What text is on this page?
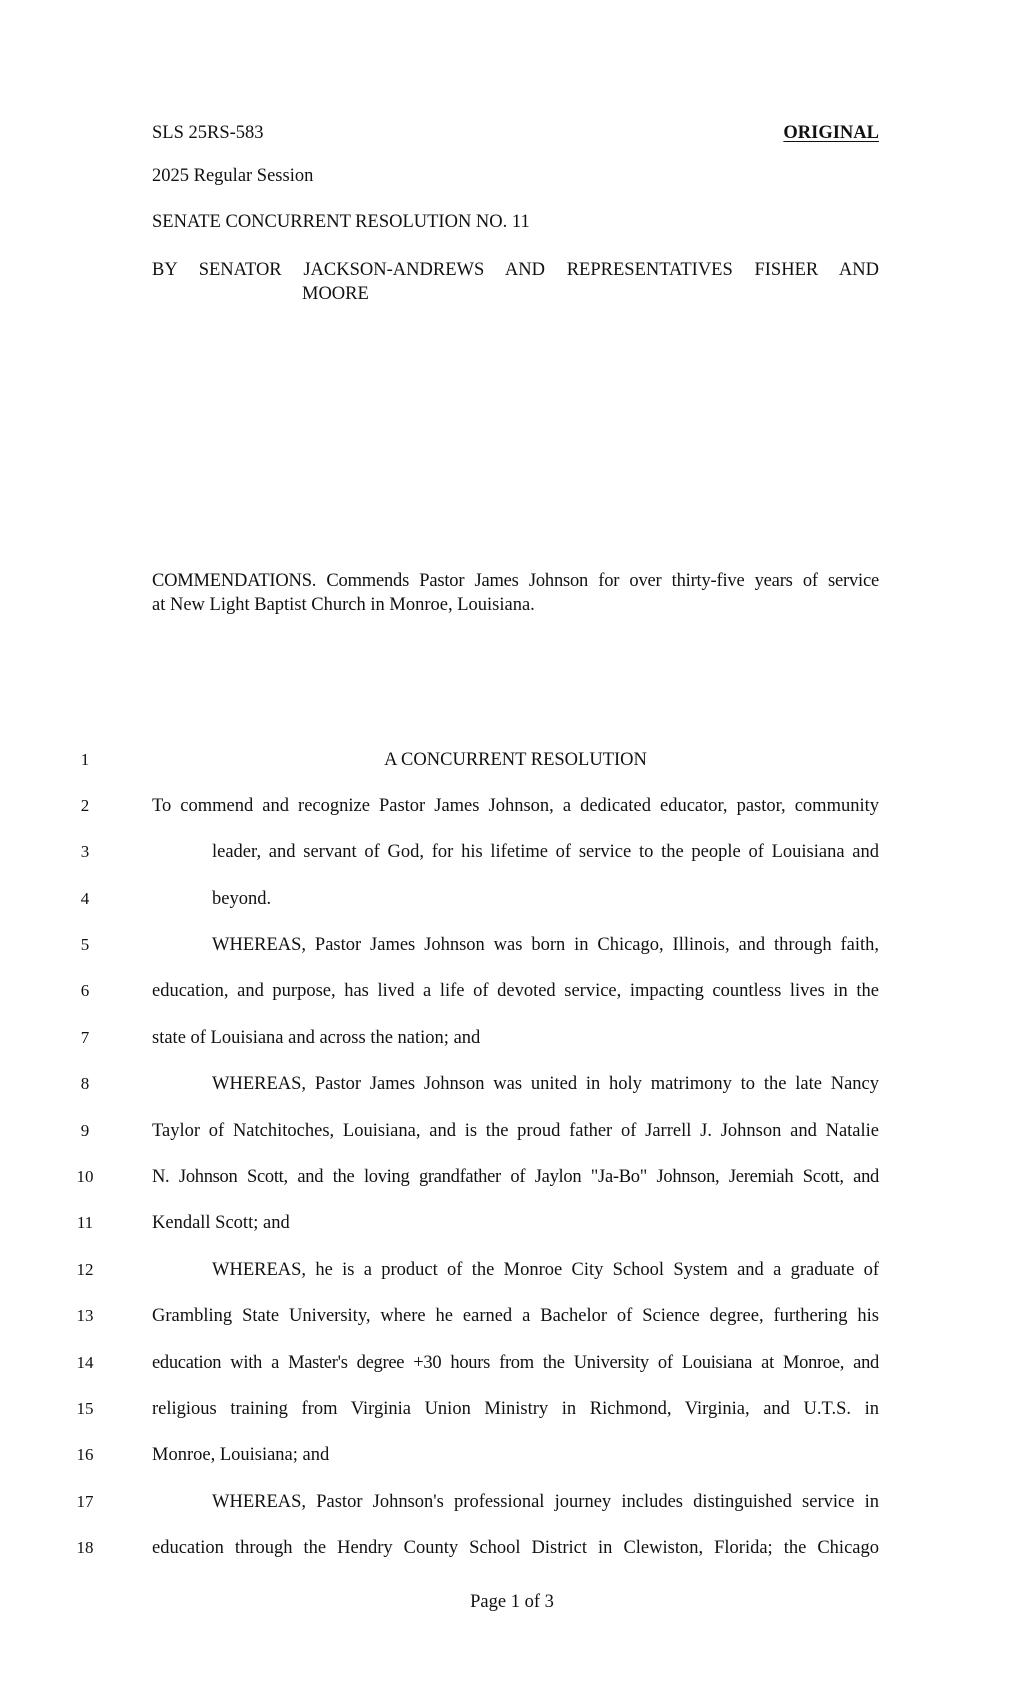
SLS 25RS-583	ORIGINAL
2025 Regular Session
SENATE CONCURRENT RESOLUTION NO. 11
BY SENATOR JACKSON-ANDREWS AND REPRESENTATIVES FISHER AND
MOORE
COMMENDATIONS. Commends Pastor James Johnson for over thirty-five years of service
at New Light Baptist Church in Monroe, Louisiana.
1	A CONCURRENT RESOLUTION
2	To commend and recognize Pastor James Johnson, a dedicated educator, pastor, community
3	leader, and servant of God, for his lifetime of service to the people of Louisiana and
4	beyond.
5	WHEREAS, Pastor James Johnson was born in Chicago, Illinois, and through faith,
6	education, and purpose, has lived a life of devoted service, impacting countless lives in the
7	state of Louisiana and across the nation; and
8	WHEREAS, Pastor James Johnson was united in holy matrimony to the late Nancy
9	Taylor of Natchitoches, Louisiana, and is the proud father of Jarrell J. Johnson and Natalie
10	N. Johnson Scott, and the loving grandfather of Jaylon "Ja-Bo" Johnson, Jeremiah Scott, and
11	Kendall Scott; and
12	WHEREAS, he is a product of the Monroe City School System and a graduate of
13	Grambling State University, where he earned a Bachelor of Science degree, furthering his
14	education with a Master's degree +30 hours from the University of Louisiana at Monroe, and
15	religious training from Virginia Union Ministry in Richmond, Virginia, and U.T.S. in
16	Monroe, Louisiana; and
17	WHEREAS, Pastor Johnson's professional journey includes distinguished service in
18	education through the Hendry County School District in Clewiston, Florida; the Chicago
Page 1 of 3
